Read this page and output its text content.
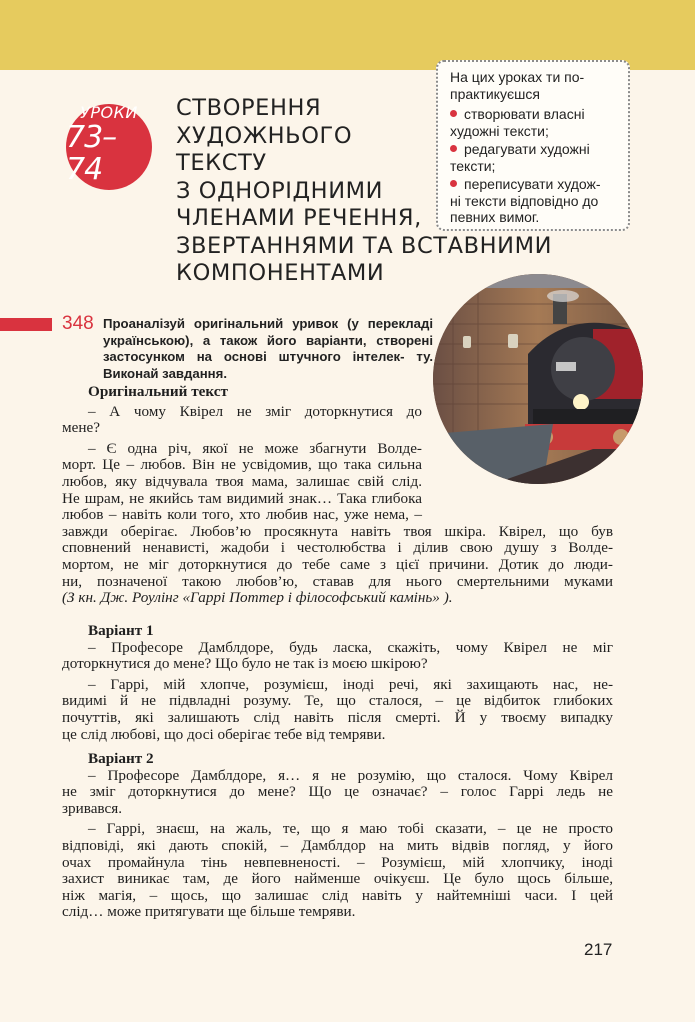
УРОКИ
73–74
СТВОРЕННЯ
ХУДОЖНЬОГО
ТЕКСТУ
З ОДНОРІДНИМИ
ЧЛЕНАМИ РЕЧЕННЯ,
ЗВЕРТАННЯМИ ТА ВСТАВНИМИ
КОМПОНЕНТАМИ
На цих уроках ти по-
практикуєшся
створювати власні
художні тексти;
редагувати художні
тексти;
переписувати худож-
ні тексти відповідно до
певних вимог.
348 Проаналізуй оригінальний уривок (у перекладі українською), а також його варіанти, створені застосунком на основі штучного інтелек- ту. Виконай завдання.

Оригінальний текст

– А чому Квірел не зміг доторкнутися до
мене?

– Є одна річ, якої не може збагнути Волде-
морт. Це – любов. Він не усвідомив, що така сильна
любов, яку відчувала твоя мама, залишає свій слід.
Не шрам, не якийсь там видимий знак… Така глибока
любов – навіть коли того, хто любив нас, уже нема, –

завжди оберігає. Любов’ю просякнута навіть твоя шкіра. Квірел, що був
сповнений ненависті, жадоби і честолюбства і ділив свою душу з Волде-
мортом, не міг доторкнутися до тебе саме з цієї причини. Дотик до люди-
ни, позначеної такою любов’ю, ставав для нього смертельними муками
(З кн. Дж. Роулінг «Гаррі Поттер і філософський камінь» ).

Варіант 1

– Професоре Дамблдоре, будь ласка, скажіть, чому Квірел не міг
доторкнутися до мене? Що було не так із моєю шкірою?

– Гаррі, мій хлопче, розумієш, іноді речі, які захищають нас, не-
видимі й не підвладні розуму. Те, що сталося, – це відбиток глибоких
почуттів, які залишають слід навіть після смерті. Й у твоєму випадку
це слід любові, що досі оберігає тебе від темряви.

Варіант 2

– Професоре Дамблдоре, я… я не розумію, що сталося. Чому Квірел
не зміг доторкнутися до мене? Що це означає? – голос Гаррі ледь не
зривався.

– Гаррі, знаєш, на жаль, те, що я маю тобі сказати, – це не просто
відповіді, які дають спокій, – Дамблдор на мить відвів погляд, у його
очах промайнула тінь невпевненості. – Розумієш, мій хлопчику, іноді
захист виникає там, де його найменше очікуєш. Це було щось більше,
ніж магія, – щось, що залишає слід навіть у найтемніші часи. І цей
слід… може притягувати ще більше темряви.

217
